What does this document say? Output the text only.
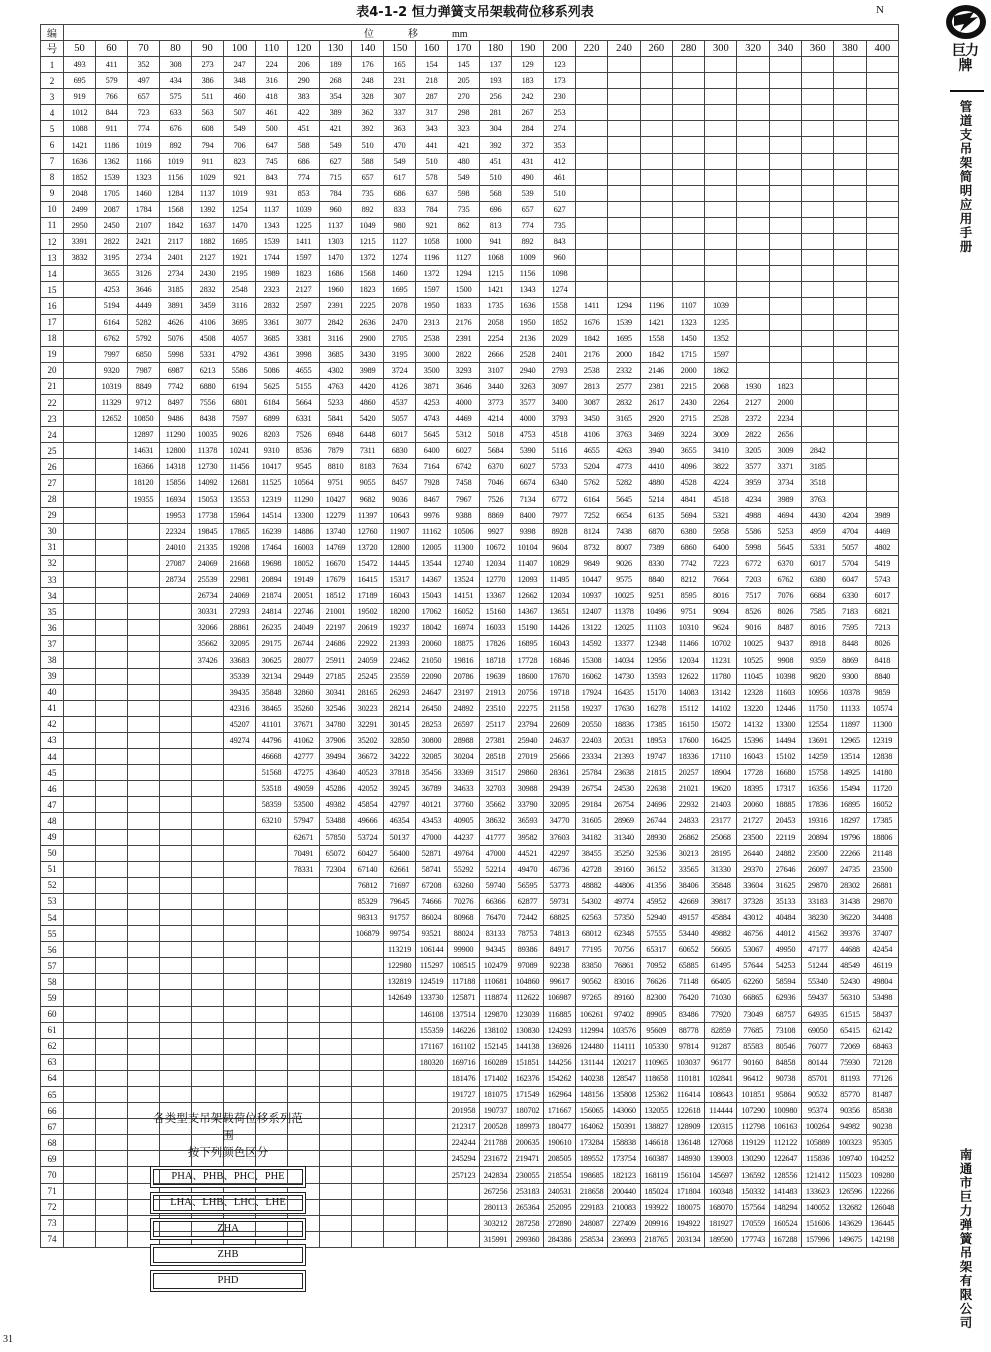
表4-1-2 恒力弹簧支吊架载荷位移系列表	N
编	位 移 mm																									
号	50	60	70	80	90	100	110	120	130	140	150	160	170	180	190	200	220	240	260	280	300	320	340	360	380	400
1	493	411	352	308	273	247	224	206	189	176	165	154	145	137	129	123										
2	695	579	497	434	386	348	316	290	268	248	231	218	205	193	183	173										
3	919	766	657	575	511	460	418	383	354	328	307	287	270	256	242	230										
4	1012	844	723	633	563	507	461	422	389	362	337	317	298	281	267	253										
5	1088	911	774	676	608	549	500	451	421	392	363	343	323	304	284	274										
6	1421	1186	1019	892	794	706	647	588	549	510	470	441	421	392	372	353										
7	1636	1362	1166	1019	911	823	745	686	627	588	549	510	480	451	431	412										
8	1852	1539	1323	1156	1029	921	843	774	715	657	617	578	549	510	490	461										
9	2048	1705	1460	1284	1137	1019	931	853	784	735	686	637	598	568	539	510										
10	2499	2087	1784	1568	1392	1254	1137	1039	960	892	833	784	735	696	657	627										
11	2950	2450	2107	1842	1637	1470	1343	1225	1137	1049	980	921	862	813	774	735										
12	3391	2822	2421	2117	1882	1695	1539	1411	1303	1215	1127	1058	1000	941	892	843										
13	3832	3195	2734	2401	2127	1921	1744	1597	1470	1372	1274	1196	1127	1068	1009	960										
14		3655	3126	2734	2430	2195	1989	1823	1686	1568	1460	1372	1294	1215	1156	1098										
15		4253	3646	3185	2832	2548	2323	2127	1960	1823	1695	1597	1500	1421	1343	1274										
16		5194	4449	3891	3459	3116	2832	2597	2391	2225	2078	1950	1833	1735	1636	1558	1411	1294	1196	1107	1039					
17		6164	5282	4626	4106	3695	3361	3077	2842	2636	2470	2313	2176	2058	1950	1852	1676	1539	1421	1323	1235					
18		6762	5792	5076	4508	4057	3685	3381	3116	2900	2705	2538	2391	2254	2136	2029	1842	1695	1558	1450	1352					
19		7997	6850	5998	5331	4792	4361	3998	3685	3430	3195	3000	2822	2666	2528	2401	2176	2000	1842	1715	1597					
20		9320	7987	6987	6213	5586	5086	4655	4302	3989	3724	3500	3293	3107	2940	2793	2538	2332	2146	2000	1862					
21		10319	8849	7742	6880	6194	5625	5155	4763	4420	4126	3871	3646	3440	3263	3097	2813	2577	2381	2215	2068	1930	1823			
22		11329	9712	8497	7556	6801	6184	5664	5233	4860	4537	4253	4000	3773	3577	3400	3087	2832	2617	2430	2264	2127	2000			
23		12652	10850	9486	8438	7597	6899	6331	5841	5420	5057	4743	4469	4214	4000	3793	3450	3165	2920	2715	2528	2372	2234			
24			12897	11290	10035	9026	8203	7526	6948	6448	6017	5645	5312	5018	4753	4518	4106	3763	3469	3224	3009	2822	2656			
25			14631	12800	11378	10241	9310	8536	7879	7311	6830	6400	6027	5684	5390	5116	4655	4263	3940	3655	3410	3205	3009	2842		
26			16366	14318	12730	11456	10417	9545	8810	8183	7634	7164	6742	6370	6027	5733	5204	4773	4410	4096	3822	3577	3371	3185		
27			18120	15856	14092	12681	11525	10564	9751	9055	8457	7928	7458	7046	6674	6340	5762	5282	4880	4528	4224	3959	3734	3518		
28			19355	16934	15053	13553	12319	11290	10427	9682	9036	8467	7967	7526	7134	6772	6164	5645	5214	4841	4518	4234	3989	3763		
29				19953	17738	15964	14514	13300	12279	11397	10643	9976	9388	8869	8400	7977	7252	6654	6135	5694	5321	4988	4694	4430	4204	3989
30				22324	19845	17865	16239	14886	13740	12760	11907	11162	10506	9927	9398	8928	8124	7438	6870	6380	5958	5586	5253	4959	4704	4469
31				24010	21335	19208	17464	16003	14769	13720	12800	12005	11300	10672	10104	9604	8732	8007	7389	6860	6400	5998	5645	5331	5057	4802
32				27087	24069	21668	19698	18052	16670	15472	14445	13544	12740	12034	11407	10829	9849	9026	8330	7742	7223	6772	6370	6017	5704	5419
33				28734	25539	22981	20894	19149	17679	16415	15317	14367	13524	12770	12093	11495	10447	9575	8840	8212	7664	7203	6762	6380	6047	5743
34					26734	24069	21874	20051	18512	17189	16043	15043	14151	13367	12662	12034	10937	10025	9251	8595	8016	7517	7076	6684	6330	6017
35					30331	27293	24814	22746	21001	19502	18200	17062	16052	15160	14367	13651	12407	11378	10496	9751	9094	8526	8026	7585	7183	6821
36					32066	28861	26235	24049	22197	20619	19237	18042	16974	16033	15190	14426	13122	12025	11103	10310	9624	9016	8487	8016	7595	7213
37					35662	32095	29175	26744	24686	22922	21393	20060	18875	17826	16895	16043	14592	13377	12348	11466	10702	10025	9437	8918	8448	8026
38					37426	33683	30625	28077	25911	24059	22462	21050	19816	18718	17728	16846	15308	14034	12956	12034	11231	10525	9908	9359	8869	8418
39						35339	32134	29449	27185	25245	23559	22090	20786	19639	18600	17670	16062	14730	13593	12622	11780	11045	10398	9820	9300	8840
40						39435	35848	32860	30341	28165	26293	24647	23197	21913	20756	19718	17924	16435	15170	14083	13142	12328	11603	10956	10378	9859
41						42316	38465	35260	32546	30223	28214	26450	24892	23510	22275	21158	19237	17630	16278	15112	14102	13220	12446	11750	11133	10574
42						45207	41101	37671	34780	32291	30145	28253	26597	25117	23794	22609	20550	18836	17385	16150	15072	14132	13300	12554	11897	11300
43						49274	44796	41062	37906	35202	32850	30800	28988	27381	25940	24637	22403	20531	18953	17600	16425	15396	14494	13691	12965	12319
44							46668	42777	39494	36672	34222	32085	30204	28518	27019	25666	23334	21393	19747	18336	17110	16043	15102	14259	13514	12838
45							51568	47275	43640	40523	37818	35456	33369	31517	29860	28361	25784	23638	21815	20257	18904	17728	16680	15758	14925	14180
46							53518	49059	45286	42052	39245	36789	34633	32703	30988	29439	26754	24530	22638	21021	19620	18395	17317	16356	15494	11720
47							58359	53500	49382	45854	42797	40121	37760	35662	33790	32095	29184	26754	24696	22932	21403	20060	18885	17836	16895	16052
48							63210	57947	53488	49666	46354	43453	40905	38632	36593	34770	31605	28969	26744	24833	23177	21727	20453	19316	18297	17385
49								62671	57850	53724	50137	47000	44237	41777	39582	37603	34182	31340	28930	26862	25068	23500	22119	20894	19796	18806
50								70491	65072	60427	56400	52871	49764	47000	44521	42297	38455	35250	32536	30213	28195	26440	24882	23500	22266	21148
51								78331	72304	67140	62661	58741	55292	52214	49470	46736	42728	39160	36152	33565	31330	29370	27646	26097	24735	23500
52										76812	71697	67208	63260	59740	56595	53773	48882	44806	41356	38406	35848	33604	31625	29870	28302	26881
53										85329	79645	74666	70276	66366	62877	59731	54302	49774	45952	42669	39817	37328	35133	33183	31438	29870
54										98313	91757	86024	80968	76470	72442	68825	62563	57350	52940	49157	45884	43012	40484	38230	36220	34408
55										106879	99754	93521	88024	83133	78753	74813	68012	62348	57555	53440	49882	46756	44012	41562	39376	37407
56											113219	106144	99900	94345	89386	84917	77195	70756	65317	60652	56605	53067	49950	47177	44688	42454
57											122980	115297	108515	102479	97089	92238	83850	76861	70952	65885	61495	57644	54253	51244	48549	46119
58											132819	124519	117188	110681	104860	99617	90562	83016	76626	71148	66405	62260	58594	55340	52430	49804
59											142649	133730	125871	118874	112622	106987	97265	89160	82300	76420	71030	66865	62936	59437	56310	53498
60												146108	137514	129870	123039	116885	106261	97402	89905	83486	77920	73049	68757	64935	61515	58437
61												155359	146226	138102	130830	124293	112994	103576	95609	88778	82859	77685	73108	69050	65415	62142
62												171167	161102	152145	144138	136926	124480	114111	105330	97814	91287	85583	80546	76077	72069	68463
63												180320	169716	160289	151851	144256	131144	120217	110965	103037	96177	90160	84858	80144	75930	72128
64													181476	171402	162376	154262	140238	128547	118658	110181	102841	96412	90738	85701	81193	77126
65													191727	181075	171549	162964	148156	135808	125362	116414	108643	101851	95864	90532	85770	81487
66													201958	190737	180702	171667	156065	143060	132055	122618	114444	107290	100980	95374	90356	85838
67													212317	200528	189973	180477	164062	150391	138827	128909	120315	112798	106163	100264	94982	90238
68													224244	211788	200635	190610	173284	158838	146618	136148	127068	119129	112122	105889	100323	95305
69													245294	231672	219471	208505	189552	173754	160387	148930	139003	130290	122647	115836	109740	104252
70													257123	242834	230055	218554	198685	182123	168119	156104	145697	136592	128556	121412	115023	109280
71														267256	253183	240531	218658	200440	185024	171804	160348	150332	141483	133623	126596	122266
72														280113	265364	252095	229183	210083	193922	180075	168070	157564	148294	140052	132682	126048
73														303212	287258	272890	248087	227409	209916	194922	181927	170559	160524	151606	143629	136445
74														315991	299360	284386	258534	236993	218765	203134	189590	177743	167288	157996	149675	142198
各类型支吊架载荷位移系列范围
按下列颜色区分
PHA、PHB、PHC、PHE
LHA、LHB、LHC、LHE
ZHA
ZHB
PHD
巨力牌
管道支吊架简明应用手册
南通市巨力弹簧吊架有限公司
31
